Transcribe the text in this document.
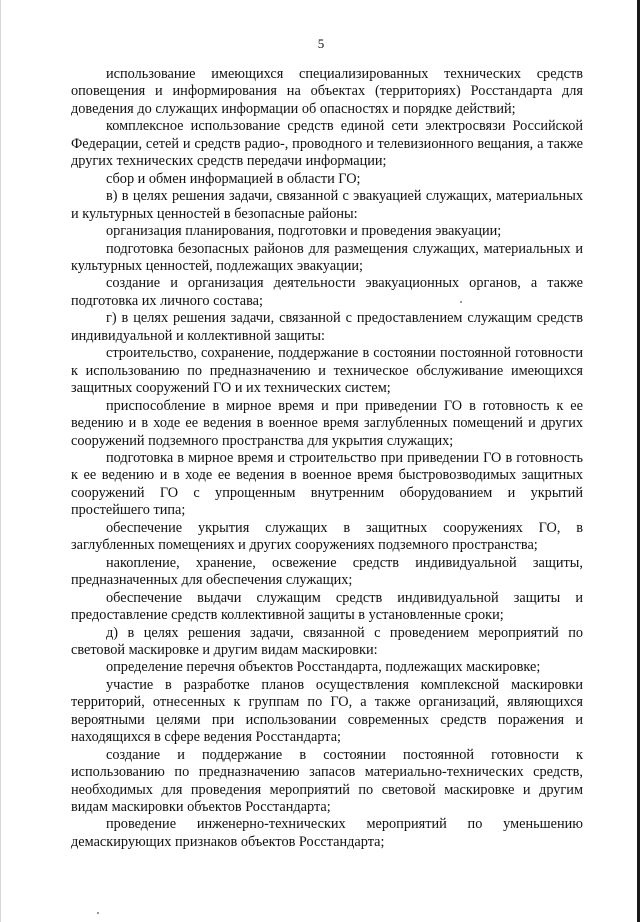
5

использование имеющихся специализированных технических средств оповещения и информирования на объектах (территориях) Росстандарта для доведения до служащих информации об опасностях и порядке действий;

комплексное использование средств единой сети электросвязи Российской Федерации, сетей и средств радио-, проводного и телевизионного вещания, а также других технических средств передачи информации;

сбор и обмен информацией в области ГО;

в) в целях решения задачи, связанной с эвакуацией служащих, материальных и культурных ценностей в безопасные районы:

организация планирования, подготовки и проведения эвакуации;

подготовка безопасных районов для размещения служащих, материальных и культурных ценностей, подлежащих эвакуации;

создание и организация деятельности эвакуационных органов, а также подготовка их личного состава;

г) в целях решения задачи, связанной с предоставлением служащим средств индивидуальной и коллективной защиты:

строительство, сохранение, поддержание в состоянии постоянной готовности к использованию по предназначению и техническое обслуживание имеющихся защитных сооружений ГО и их технических систем;

приспособление в мирное время и при приведении ГО в готовность к ее ведению и в ходе ее ведения в военное время заглубленных помещений и других сооружений подземного пространства для укрытия служащих;

подготовка в мирное время и строительство при приведении ГО в готовность к ее ведению и в ходе ее ведения в военное время быстровозводимых защитных сооружений ГО с упрощенным внутренним оборудованием и укрытий простейшего типа;

обеспечение укрытия служащих в защитных сооружениях ГО, в заглубленных помещениях и других сооружениях подземного пространства;

накопление, хранение, освежение средств индивидуальной защиты, предназначенных для обеспечения служащих;

обеспечение выдачи служащим средств индивидуальной защиты и предоставление средств коллективной защиты в установленные сроки;

д) в целях решения задачи, связанной с проведением мероприятий по световой маскировке и другим видам маскировки:

определение перечня объектов Росстандарта, подлежащих маскировке;

участие в разработке планов осуществления комплексной маскировки территорий, отнесенных к группам по ГО, а также организаций, являющихся вероятными целями при использовании современных средств поражения и находящихся в сфере ведения Росстандарта;

создание и поддержание в состоянии постоянной готовности к использованию по предназначению запасов материально-технических средств, необходимых для проведения мероприятий по световой маскировке и другим видам маскировки объектов Росстандарта;

проведение инженерно-технических мероприятий по уменьшению демаскирующих признаков объектов Росстандарта;
